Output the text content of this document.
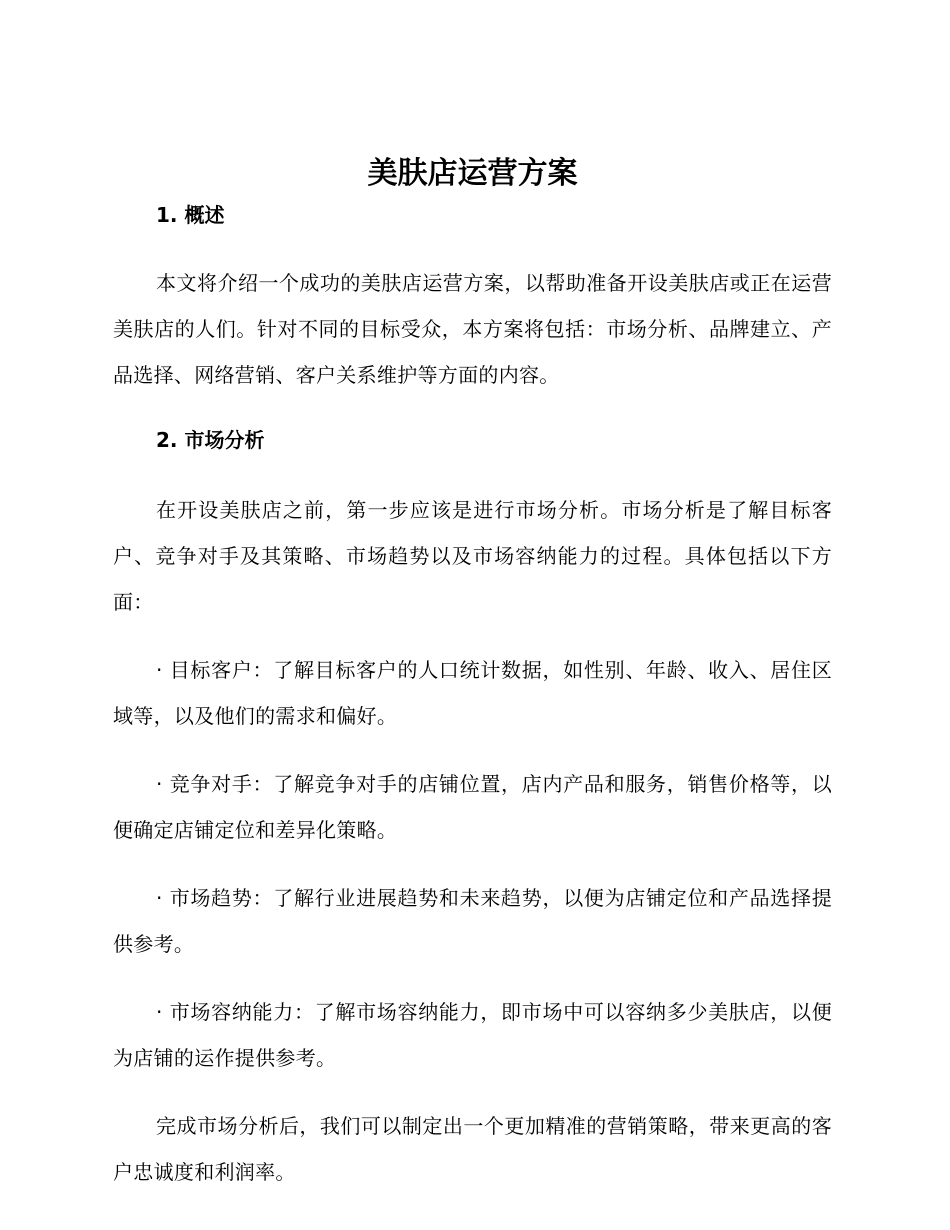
美肤店运营方案
1. 概述

本文将介绍一个成功的美肤店运营方案，以帮助准备开设美肤店或正在运营美肤店的人们。针对不同的目标受众，本方案将包括：市场分析、品牌建立、产品选择、网络营销、客户关系维护等方面的内容。

2. 市场分析

在开设美肤店之前，第一步应该是进行市场分析。市场分析是了解目标客户、竞争对手及其策略、市场趋势以及市场容纳能力的过程。具体包括以下方面：

· 目标客户：了解目标客户的人口统计数据，如性别、年龄、收入、居住区域等，以及他们的需求和偏好。

· 竞争对手：了解竞争对手的店铺位置，店内产品和服务，销售价格等，以便确定店铺定位和差异化策略。

· 市场趋势：了解行业进展趋势和未来趋势，以便为店铺定位和产品选择提供参考。

· 市场容纳能力：了解市场容纳能力，即市场中可以容纳多少美肤店，以便为店铺的运作提供参考。

完成市场分析后，我们可以制定出一个更加精准的营销策略，带来更高的客户忠诚度和利润率。
